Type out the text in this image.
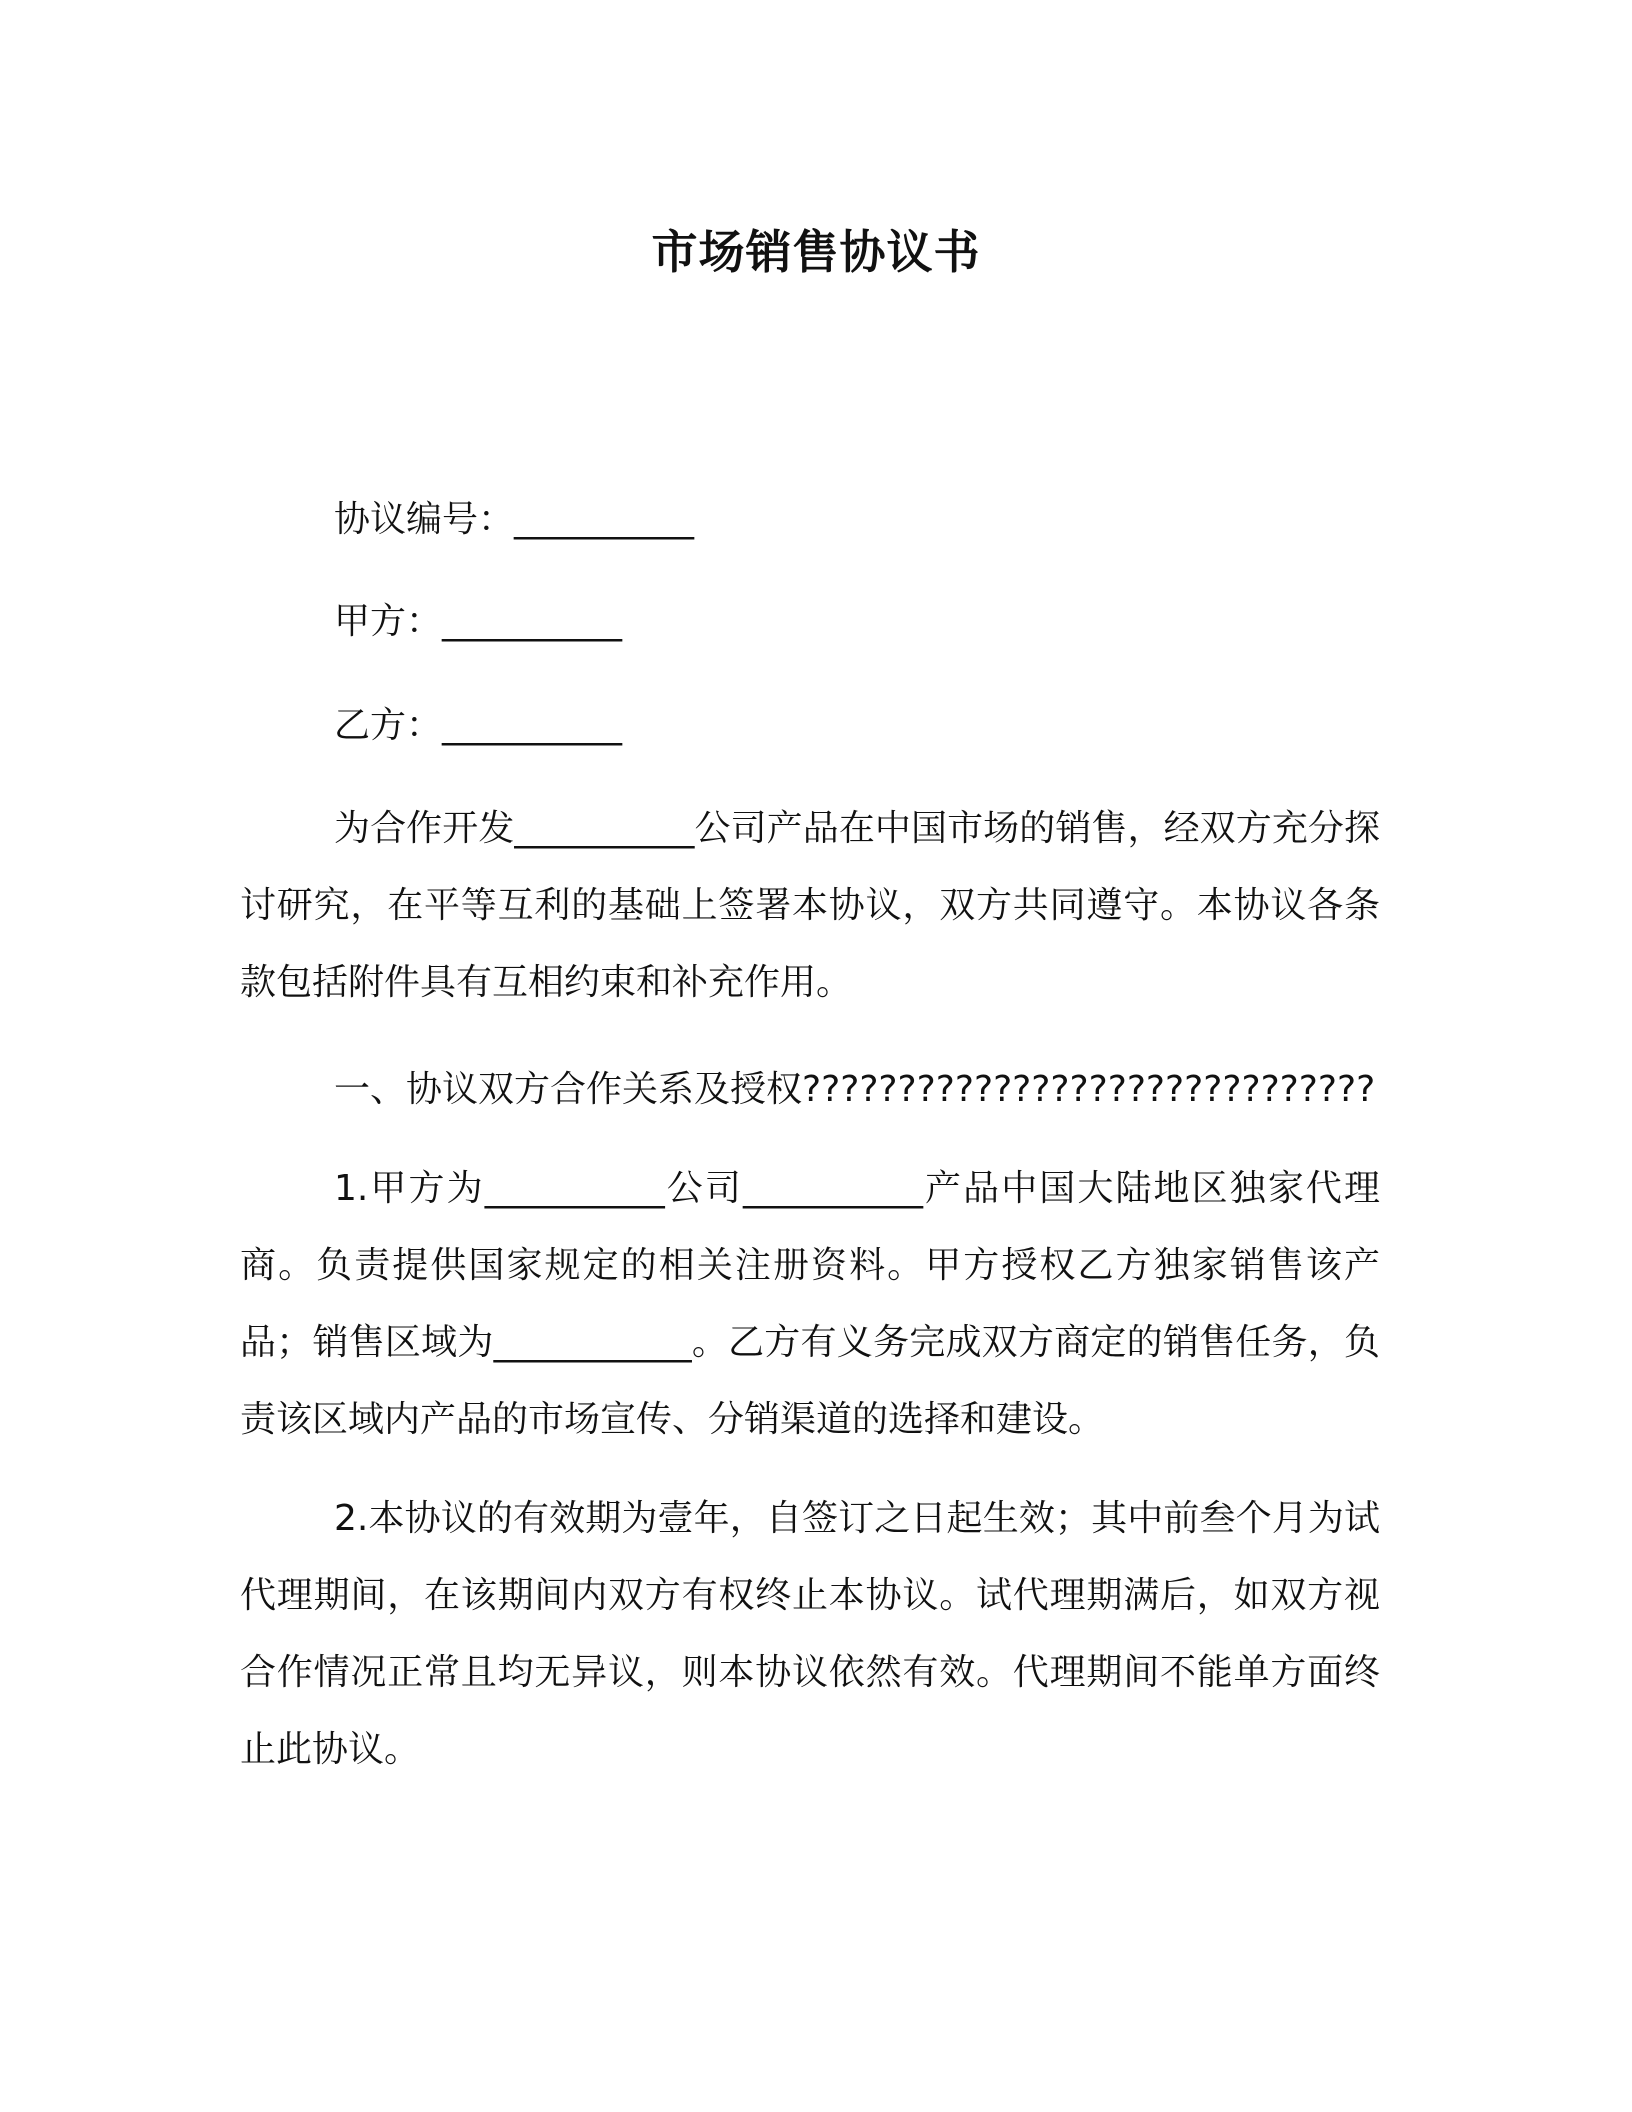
市场销售协议书
协议编号：__________
甲方：__________
乙方：__________
为合作开发__________公司产品在中国市场的销售，经双方充分探讨研究，在平等互利的基础上签署本协议，双方共同遵守。本协议各条款包括附件具有互相约束和补充作用。
一、协议双方合作关系及授权??????????????????????????????
1.甲方为__________公司__________产品中国大陆地区独家代理商。负责提供国家规定的相关注册资料。甲方授权乙方独家销售该产品；销售区域为___________。乙方有义务完成双方商定的销售任务，负责该区域内产品的市场宣传、分销渠道的选择和建设。
2.本协议的有效期为壹年，自签订之日起生效；其中前叁个月为试代理期间，在该期间内双方有权终止本协议。试代理期满后，如双方视合作情况正常且均无异议，则本协议依然有效。代理期间不能单方面终止此协议。
